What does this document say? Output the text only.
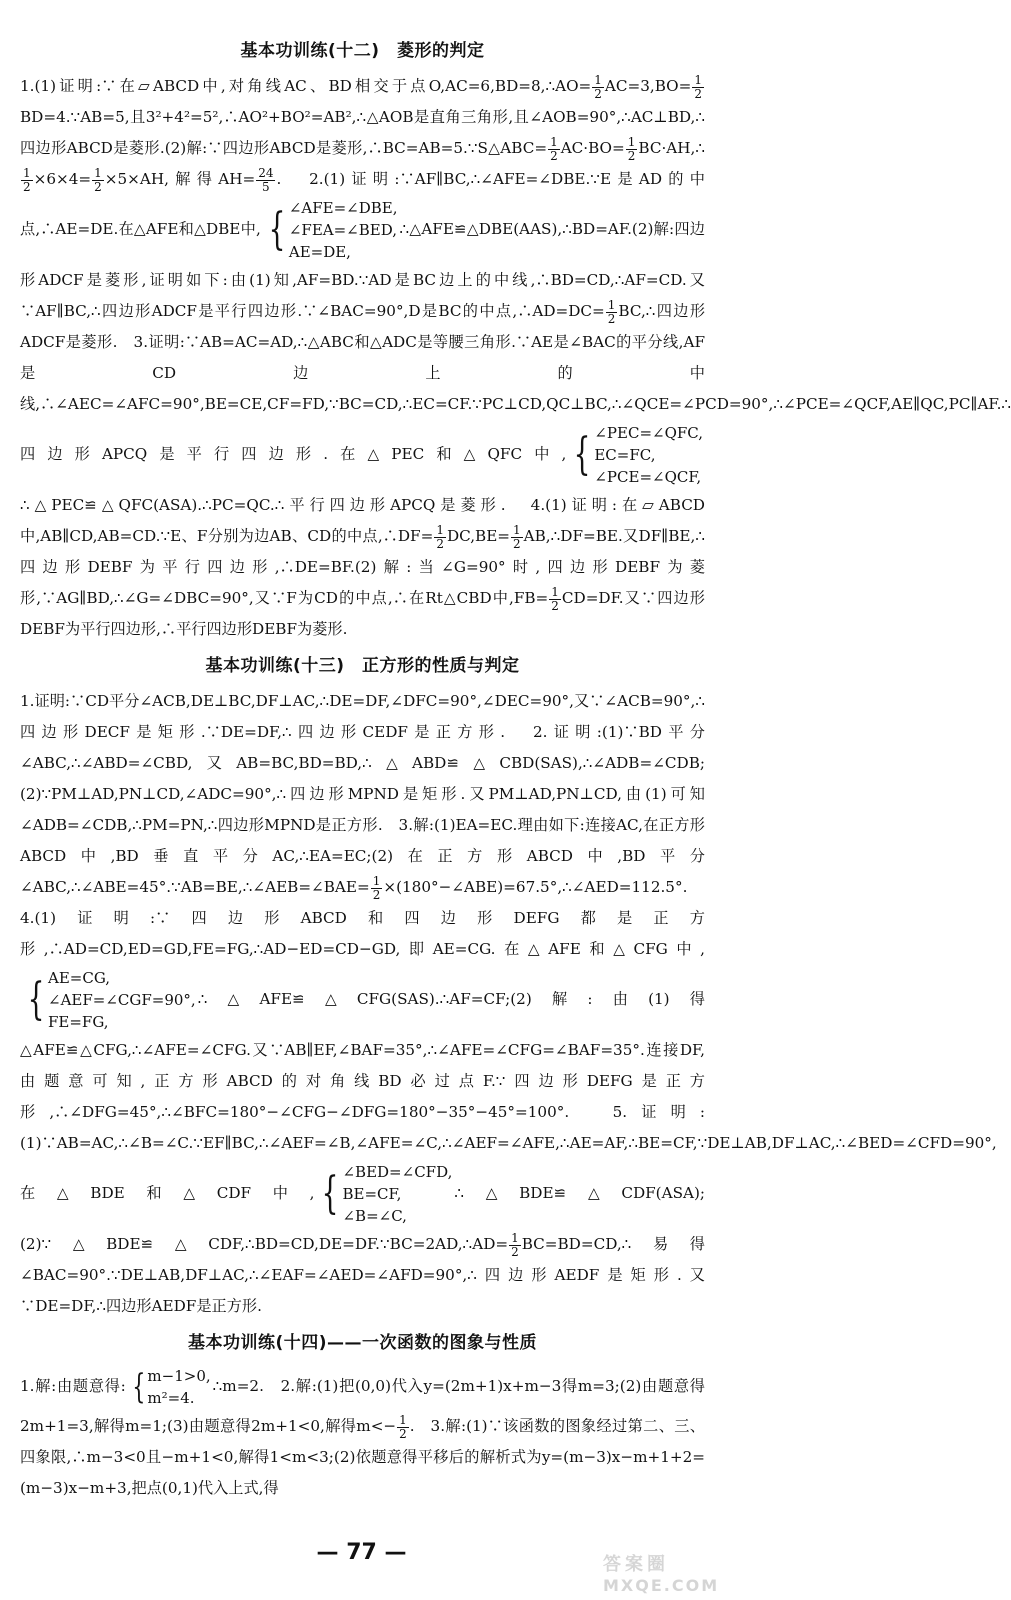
基本功训练(十二)　菱形的判定

1.(1)证明:∵在▱ABCD中,对角线AC、BD相交于点O,AC=6,BD=8,∴AO= $\frac{1}{2} AC=3,BO= \frac{1}{2}$
BD=4.∵AB=5,且3²+4²=5²,∴AO²+BO²=AB²,∴△AOB是直角三角形,且∠AOB=90°,∴AC⊥BD,∴四边形ABCD是菱形.(2)解:∵四边形ABCD是菱形,∴BC=AB=5.∵S△ABC= $\frac{1}{2} AC\cdot BO= \frac{1}{2}$ BC·AH,∴
$\frac{1}{2} \times 6\times 4= \frac{1}{2} \times 5\times AH$,解得$AH= \frac{24}{5}$ .　2.(1)证明:∵AF∥BC,∴∠AFE=∠DBE.∵E是AD的中点,∴AE=DE.在△AFE和△DBE中, { ∠AFE=∠DBE,
∠FEA=∠BED,
AE=DE,
∴△AFE≌△DBE(AAS),∴BD=AF.(2)解:四边形ADCF是菱形,证明如下:由(1)知,AF=BD.∵AD是BC边上的中线,∴BD=CD,∴AF=CD.又∵AF∥BC,∴四边形ADCF是平行四边形.∵∠BAC=90°,D是BC的中点,∴AD=DC= $\frac{1}{2}$ BC,∴四边形ADCF是菱形.　3.证明:∵AB=AC=AD,∴△ABC和△ADC是等腰三角形.∵AE是∠BAC的平分线,AF是CD边上的中线,∴∠AEC=∠AFC=90°,BE=CE,CF=FD,∵BC=CD,∴EC=CF.∵PC⊥CD,QC⊥BC,∴∠QCE=∠PCD=90°,∴∠PCE=∠QCF,AE∥QC,PC∥AF.∴四边形APCQ是平行四边形.在△PEC和△QFC中, { ∠PEC=∠QFC,
EC=FC,
∠PCE=∠QCF,
∴△PEC≌△QFC(ASA).∴PC=QC.∴平行四边形APCQ是菱形.　4.(1)证明:在▱ABCD中,AB∥CD,AB=CD.∵E、F分别为边AB、CD的中点,∴DF= $\frac{1}{2} DC,BE= \frac{1}{2}$ AB,∴DF=BE.又DF∥BE,∴四边形DEBF为平行四边形,∴DE=BF.(2)解:当∠G=90°时,四边形DEBF为菱形,∵AG∥BD,∴∠G=∠DBC=90°,又∵F为CD的中点,∴在Rt△CBD中$,FB= \frac{1}{2} CD=DF$.又∵四边形DEBF为平行四边形,∴平行四边形DEBF为菱形.

基本功训练(十三)　正方形的性质与判定

1.证明:∵CD平分∠ACB,DE⊥BC,DF⊥AC,∴DE=DF,∠DFC=90°,∠DEC=90°,又∵∠ACB=90°,∴四边形DECF是矩形.∵DE=DF,∴四边形CEDF是正方形.　2.证明:(1)∵BD平分∠ABC,∴∠ABD=∠CBD,又AB=BC,BD=BD,∴△ABD≌△CBD(SAS),∴∠ADB=∠CDB;(2)∵PM⊥AD,PN⊥CD,∠ADC=90°,∴四边形MPND是矩形.又PM⊥AD,PN⊥CD,由(1)可知∠ADB=∠CDB,∴PM=PN,∴四边形MPND是正方形.　3.解:(1)EA=EC.理由如下:连接AC,在正方形ABCD中,BD垂直平分AC,∴EA=EC;(2)在正方形ABCD中,BD平分∠ABC,∴∠ABE=45°.∵AB=BE,∴∠AEB=∠BAE= $\frac{1}{2}$ ×(180°−∠ABE)=67.5°,∴∠AED=112.5°.　4.(1)证明:∵四边形ABCD和四边形DEFG都是正方形,∴AD=CD,ED=GD,FE=FG,∴AD−ED=CD−GD,即AE=CG.在△AFE和△CFG中,
{ AE=CG,
∠AEF=∠CGF=90°,
FE=FG,
∴△AFE≌△CFG(SAS).∴AF=CF;(2)解:由(1)得△AFE≌△CFG,∴∠AFE=∠CFG.又∵AB∥EF,∠BAF=35°,∴∠AFE=∠CFG=∠BAF=35°.连接DF,由题意可知,正方形ABCD的对角线BD必过点F.∵四边形DEFG是正方形,∴∠DFG=45°,∴∠BFC=180°−∠CFG−∠DFG=180°−35°−45°=100°.　5.证明:(1)∵AB=AC,∴∠B=∠C.∵EF∥BC,∴∠AEF=∠B,∠AFE=∠C,∴∠AEF=∠AFE,∴AE=AF,∴BE=CF,∵DE⊥AB,DF⊥AC,∴∠BED=∠CFD=90°,在△BDE和△CDF中, { ∠BED=∠CFD,
BE=CF,
∠B=∠C,
∴△BDE≌△CDF(ASA);(2)∵△BDE≌△CDF,∴BD=CD,DE=DF.∵BC=2AD,∴AD= $\frac{1}{2}$ BC=BD=CD,∴易得∠BAC=90°.∵DE⊥AB,DF⊥AC,∴∠EAF=∠AED=∠AFD=90°,∴四边形AEDF是矩形.又∵DE=DF,∴四边形AEDF是正方形.

基本功训练(十四)——一次函数的图象与性质

1.解:由题意得: { m−1>0,
m²=4.
∴m=2.　2.解:(1)把(0,0)代入y=(2m+1)x+m−3得m=3;(2)由题意得2m+1=3,解得m=1;(3)由题意得2m+1<0,解得$m<- \frac{1}{2}$ .　3.解:(1)∵该函数的图象经过第二、三、四象限,∴m−3<0且−m+1<0,解得1<m<3;(2)依题意得平移后的解析式为y=(m−3)x−m+1+2=(m−3)x−m+3,把点(0,1)代入上式,得

— 77 —	答案圈
MXQE.COM
